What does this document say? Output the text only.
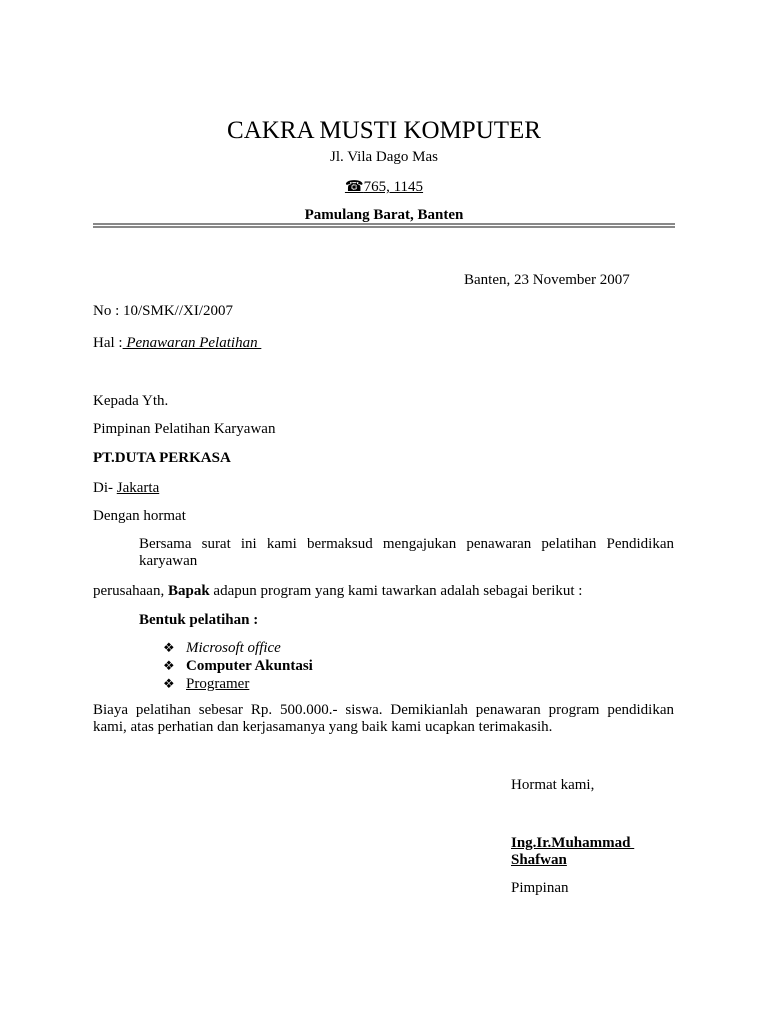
CAKRA MUSTI KOMPUTER
Jl. Vila Dago Mas
☎765, 1145
Pamulang Barat, Banten
Banten, 23 November 2007
No : 10/SMK//XI/2007
Hal : Penawaran Pelatihan
Kepada Yth.
Pimpinan Pelatihan Karyawan
PT.DUTA PERKASA
Di- Jakarta
Dengan hormat
Bersama surat ini kami bermaksud mengajukan penawaran pelatihan Pendidikan karyawan
perusahaan, Bapak adapun program yang kami tawarkan adalah sebagai berikut :
Bentuk pelatihan :
❖ Microsoft office
❖ Computer Akuntasi
❖ Programer
Biaya pelatihan sebesar Rp. 500.000.- siswa. Demikianlah penawaran program pendidikan kami, atas perhatian dan kerjasamanya yang baik kami ucapkan terimakasih.
Hormat kami,
Ing.Ir.Muhammad
Shafwan
Pimpinan
